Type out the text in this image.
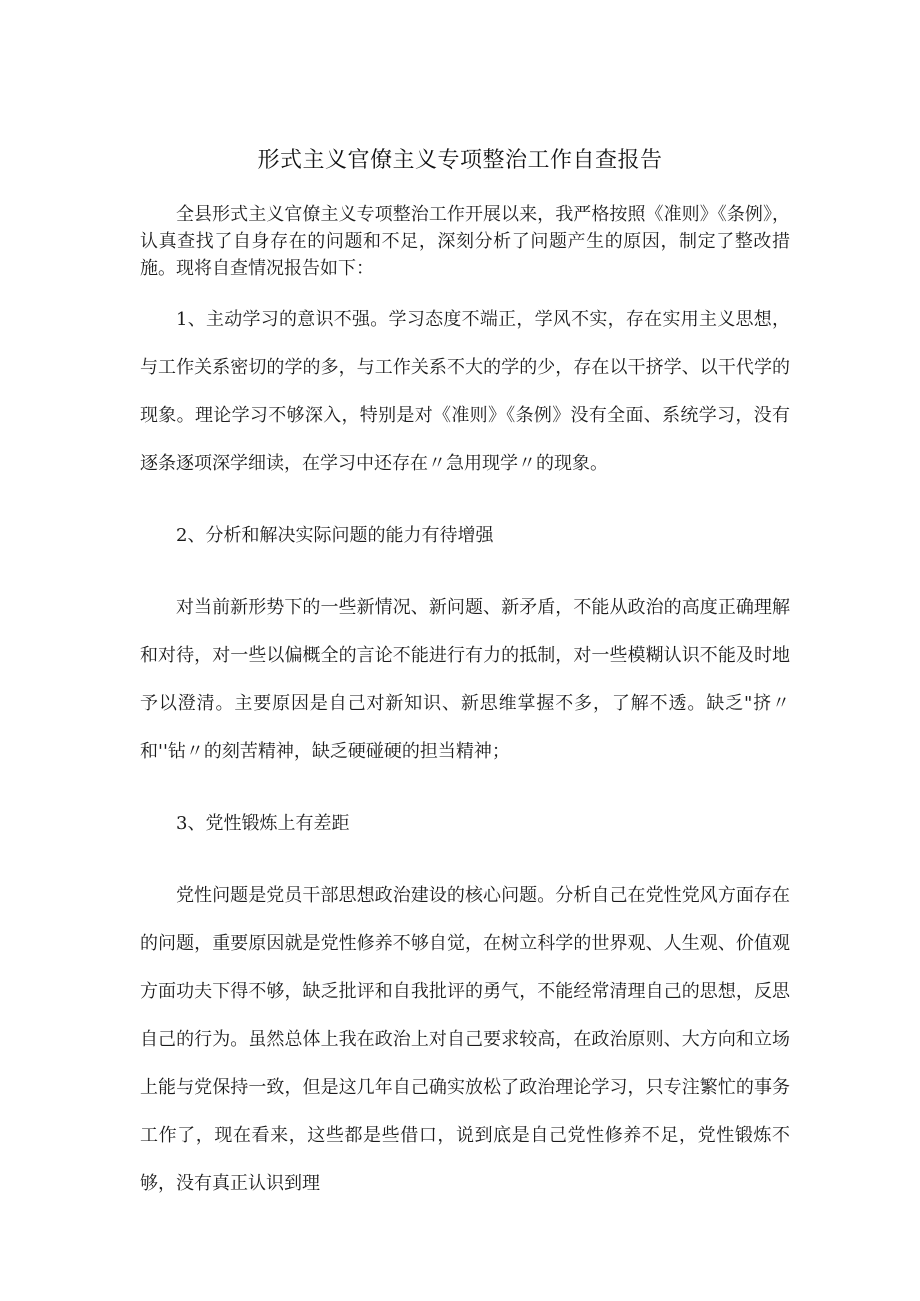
形式主义官僚主义专项整治工作自查报告

全县形式主义官僚主义专项整治工作开展以来，我严格按照《准则》《条例》，认真查找了自身存在的问题和不足，深刻分析了问题产生的原因，制定了整改措施。现将自查情况报告如下：

1、主动学习的意识不强。学习态度不端正，学风不实，存在实用主义思想，与工作关系密切的学的多，与工作关系不大的学的少，存在以干挤学、以干代学的现象。理论学习不够深入，特别是对《准则》《条例》没有全面、系统学习，没有逐条逐项深学细读，在学习中还存在〃急用现学〃的现象。

2、分析和解决实际问题的能力有待增强

对当前新形势下的一些新情况、新问题、新矛盾，不能从政治的高度正确理解和对待，对一些以偏概全的言论不能进行有力的抵制，对一些模糊认识不能及时地予以澄清。主要原因是自己对新知识、新思维掌握不多，了解不透。缺乏"挤〃和''钻〃的刻苦精神，缺乏硬碰硬的担当精神；

3、党性锻炼上有差距

党性问题是党员干部思想政治建设的核心问题。分析自己在党性党风方面存在的问题，重要原因就是党性修养不够自觉，在树立科学的世界观、人生观、价值观方面功夫下得不够，缺乏批评和自我批评的勇气，不能经常清理自己的思想，反思自己的行为。虽然总体上我在政治上对自己要求较高，在政治原则、大方向和立场上能与党保持一致，但是这几年自己确实放松了政治理论学习，只专注繁忙的事务工作了，现在看来，这些都是些借口，说到底是自己党性修养不足，党性锻炼不够，没有真正认识到理
